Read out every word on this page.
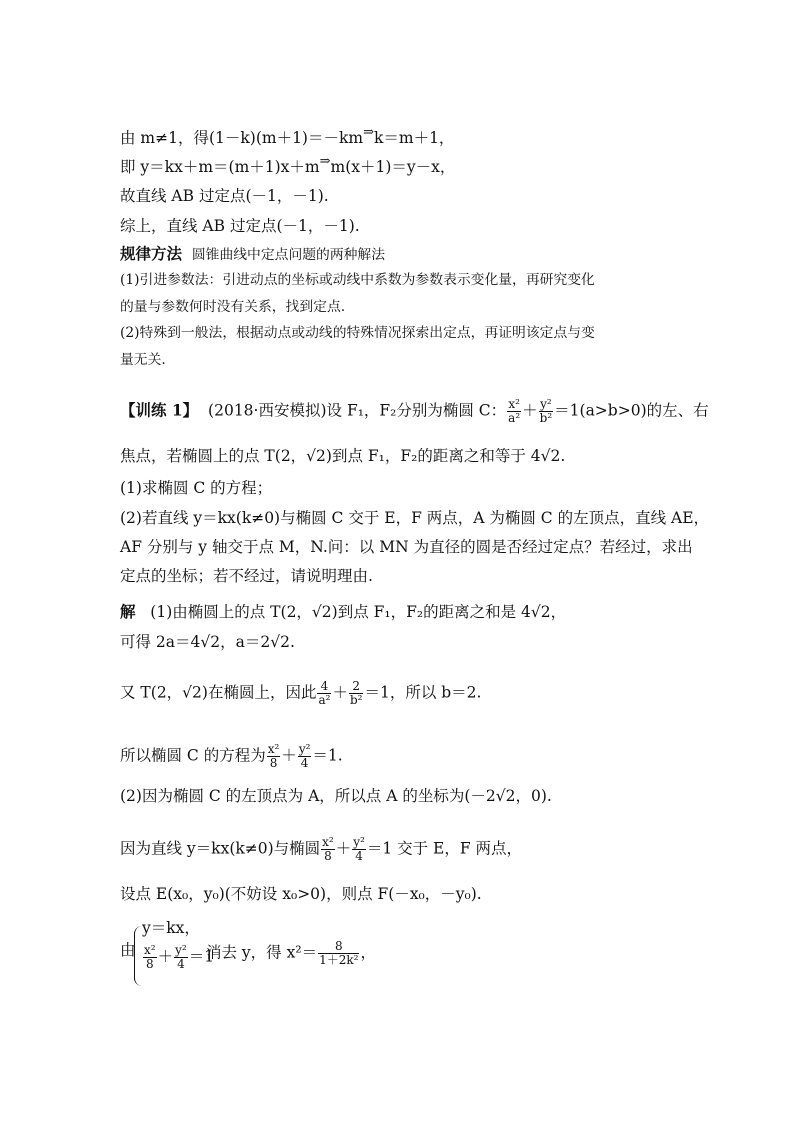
由 m≠1，得(1－k)(m＋1)＝－km⇒k＝m＋1，
即 y＝kx＋m＝(m＋1)x＋m⇒m(x＋1)＝y－x，
故直线 AB 过定点(－1，－1).
综上，直线 AB 过定点(－1，－1).
规律方法 圆锥曲线中定点问题的两种解法
(1)引进参数法：引进动点的坐标或动线中系数为参数表示变化量，再研究变化
的量与参数何时没有关系，找到定点.
(2)特殊到一般法，根据动点或动线的特殊情况探索出定点，再证明该定点与变
量无关.
【训练 1】 (2018·西安模拟)设 F₁，F₂分别为椭圆 C： $\frac{\text{x²}}{\text{a²}} + \frac{\text{y²}}{\text{b²}} =1(a>b>0)$的左、右
焦点，若椭圆上的点 T(2，√2)到点 F₁，F₂的距离之和等于 4√2.
(1)求椭圆 C 的方程；
(2)若直线 y＝kx(k≠0)与椭圆 C 交于 E，F 两点，A 为椭圆 C 的左顶点，直线 AE，
AF 分别与 y 轴交于点 M，N.问：以 MN 为直径的圆是否经过定点？若经过，求出
定点的坐标；若不经过，请说明理由.
解 (1)由椭圆上的点 T(2，√2)到点 F₁，F₂的距离之和是 4√2，
可得 2a＝4√2，a＝2√2.
又 T(2，√2)在椭圆上，因此 $\frac{4}{\text{a²}} + \frac{2}{\text{b²}} =1$，所以 b＝2.
所以椭圆 C 的方程为 $\frac{\text{x²}}{8} + \frac{\text{y²}}{4} =1$.
(2)因为椭圆 C 的左顶点为 A，所以点 A 的坐标为(－2√2，0).
因为直线 y＝kx(k≠0)与椭圆 $\frac{\text{x²}}{8} + \frac{\text{y²}}{4} =1$ 交于 E，F 两点，
设点 E(x₀，y₀)(不妨设 x₀>0)，则点 F(－x₀，－y₀).
由
y＝kx，
$\frac{\text{x²}}{8} + \frac{\text{y²}}{4} =1$
消去 y，得 $x^2= \frac{8}{\text{1＋2k²}}$ ，
